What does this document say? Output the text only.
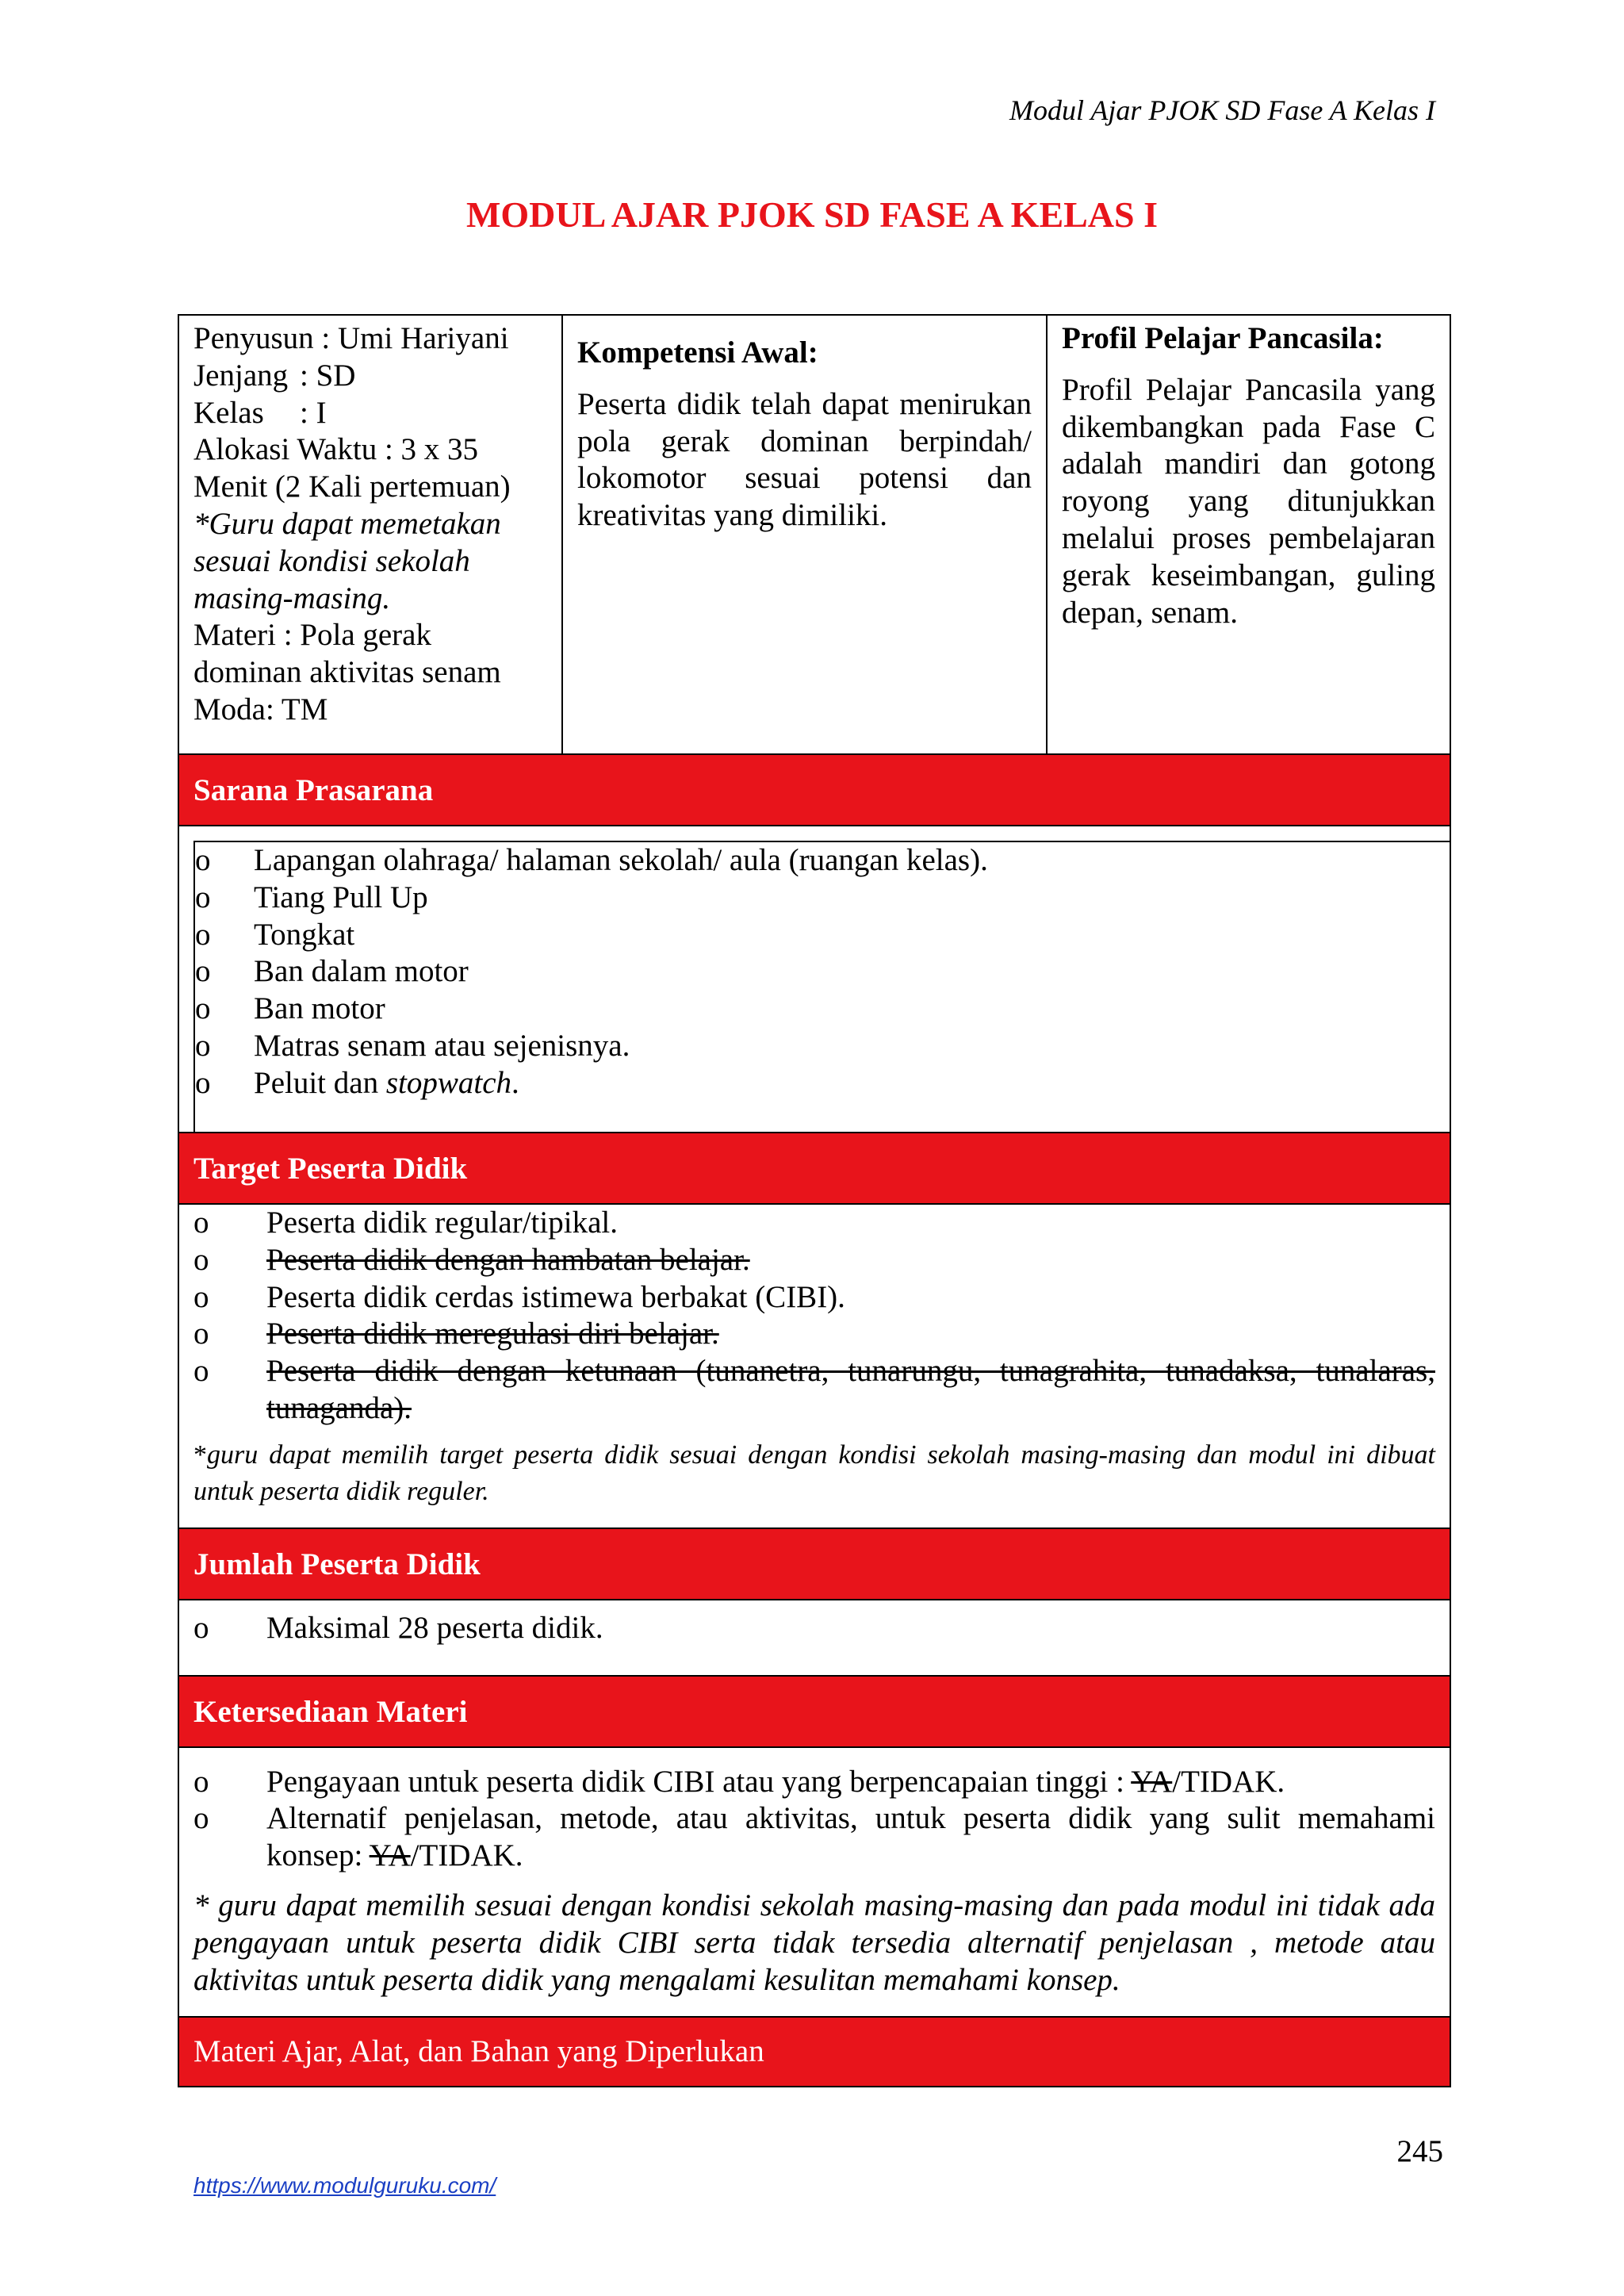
Modul Ajar PJOK SD Fase A Kelas I
MODUL AJAR PJOK SD FASE A KELAS I
Penyusun : Umi Hariyani
Jenjang : SD
Kelas	: I
Alokasi Waktu : 3 x 35 Menit (2 Kali pertemuan)
*Guru dapat memetakan sesuai kondisi sekolah masing-masing.
Materi : Pola gerak dominan aktivitas senam
Moda: TM
Kompetensi Awal:
Peserta didik telah dapat menirukan pola gerak dominan berpindah/ lokomotor sesuai potensi dan kreativitas yang dimiliki.
Profil Pelajar Pancasila:
Profil Pelajar Pancasila yang dikembangkan pada Fase C adalah mandiri dan gotong royong yang ditunjukkan melalui proses pembelajaran gerak keseimbangan, guling depan, senam.
Sarana Prasarana
o Lapangan olahraga/ halaman sekolah/ aula (ruangan kelas).
o Tiang Pull Up
o Tongkat
o Ban dalam motor
o Ban motor
o Matras senam atau sejenisnya.
o Peluit dan stopwatch.
Target Peserta Didik
o Peserta didik regular/tipikal.
o Peserta didik dengan hambatan belajar.
o Peserta didik cerdas istimewa berbakat (CIBI).
o Peserta didik meregulasi diri belajar.
o Peserta didik dengan ketunaan (tunanetra, tunarungu, tunagrahita, tunadaksa, tunalaras, tunaganda).
*guru dapat memilih target peserta didik sesuai dengan kondisi sekolah masing-masing dan modul ini dibuat untuk peserta didik reguler.
Jumlah Peserta Didik
o Maksimal 28 peserta didik.
Ketersediaan Materi
o Pengayaan untuk peserta didik CIBI atau yang berpencapaian tinggi : YA/TIDAK.
o Alternatif penjelasan, metode, atau aktivitas, untuk peserta didik yang sulit memahami konsep: YA/TIDAK.
* guru dapat memilih sesuai dengan kondisi sekolah masing-masing dan pada modul ini tidak ada pengayaan untuk peserta didik CIBI serta tidak tersedia alternatif penjelasan , metode atau aktivitas untuk peserta didik yang mengalami kesulitan memahami konsep.
Materi Ajar, Alat, dan Bahan yang Diperlukan
245
https://www.modulguruku.com/
